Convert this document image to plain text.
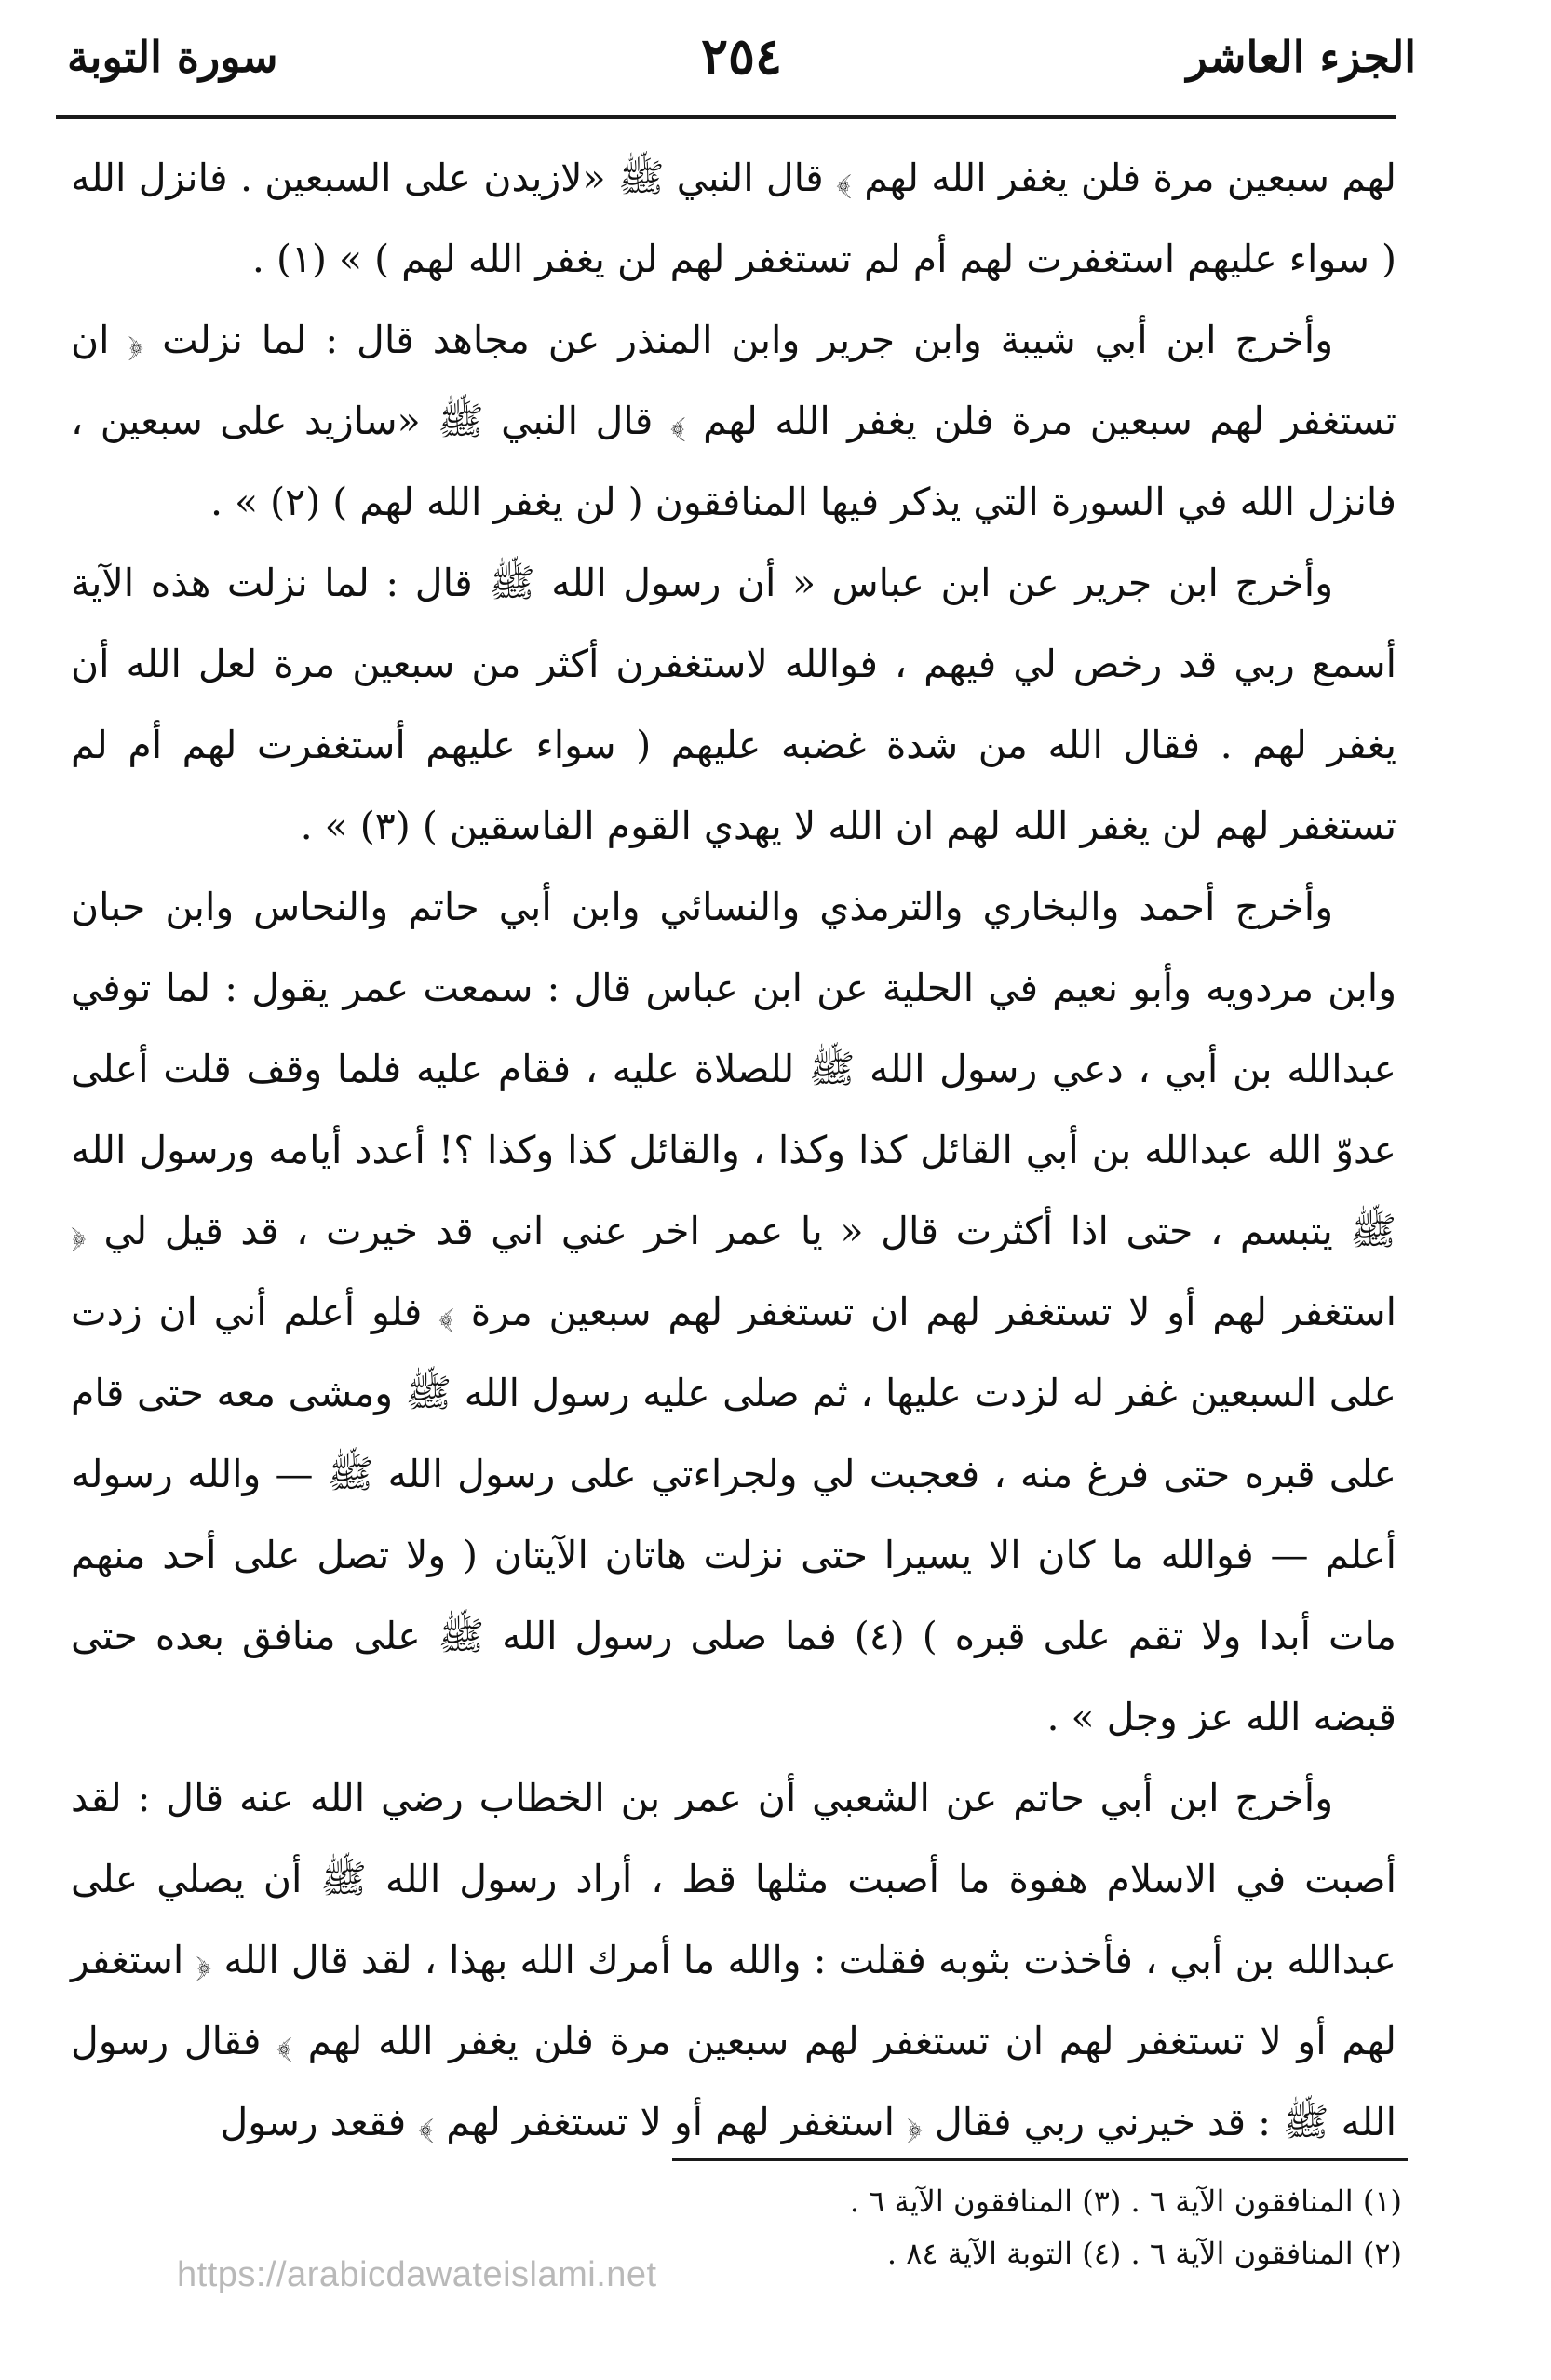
الجزء العاشر
٢٥٤
سورة التوبة

لهم سبعين مرة فلن يغفر الله لهم ﴾ قال النبي ﷺ «لازيدن على السبعين . فانزل الله ( سواء عليهم استغفرت لهم أم لم تستغفر لهم لن يغفر الله لهم ) » (١) .

وأخرج ابن أبي شيبة وابن جرير وابن المنذر عن مجاهد قال : لما نزلت ﴿ ان تستغفر لهم سبعين مرة فلن يغفر الله لهم ﴾ قال النبي ﷺ «سازيد على سبعين ، فانزل الله في السورة التي يذكر فيها المنافقون ( لن يغفر الله لهم ) (٢) » .

وأخرج ابن جرير عن ابن عباس « أن رسول الله ﷺ قال : لما نزلت هذه الآية أسمع ربي قد رخص لي فيهم ، فوالله لاستغفرن أكثر من سبعين مرة لعل الله أن يغفر لهم . فقال الله من شدة غضبه عليهم ( سواء عليهم أستغفرت لهم أم لم تستغفر لهم لن يغفر الله لهم ان الله لا يهدي القوم الفاسقين ) (٣) » .

وأخرج أحمد والبخاري والترمذي والنسائي وابن أبي حاتم والنحاس وابن حبان وابن مردويه وأبو نعيم في الحلية عن ابن عباس قال : سمعت عمر يقول : لما توفي عبدالله بن أبي ، دعي رسول الله ﷺ للصلاة عليه ، فقام عليه فلما وقف قلت أعلى عدوّ الله عبدالله بن أبي القائل كذا وكذا ، والقائل كذا وكذا ؟! أعدد أيامه ورسول الله ﷺ يتبسم ، حتى اذا أكثرت قال « يا عمر اخر عني اني قد خيرت ، قد قيل لي ﴿ استغفر لهم أو لا تستغفر لهم ان تستغفر لهم سبعين مرة ﴾ فلو أعلم أني ان زدت على السبعين غفر له لزدت عليها ، ثم صلى عليه رسول الله ﷺ ومشى معه حتى قام على قبره حتى فرغ منه ، فعجبت لي ولجراءتي على رسول الله ﷺ — والله رسوله أعلم — فوالله ما كان الا يسيرا حتى نزلت هاتان الآيتان ( ولا تصل على أحد منهم مات أبدا ولا تقم على قبره ) (٤) فما صلى رسول الله ﷺ على منافق بعده حتى قبضه الله عز وجل » .

وأخرج ابن أبي حاتم عن الشعبي أن عمر بن الخطاب رضي الله عنه قال : لقد أصبت في الاسلام هفوة ما أصبت مثلها قط ، أراد رسول الله ﷺ أن يصلي على عبدالله بن أبي ، فأخذت بثوبه فقلت : والله ما أمرك الله بهذا ، لقد قال الله ﴿ استغفر لهم أو لا تستغفر لهم ان تستغفر لهم سبعين مرة فلن يغفر الله لهم ﴾ فقال رسول الله ﷺ : قد خيرني ربي فقال ﴿ استغفر لهم أو لا تستغفر لهم ﴾ فقعد رسول

(١) المنافقون الآية ٦ . (٣) المنافقون الآية ٦ .
(٢) المنافقون الآية ٦ . (٤) التوبة الآية ٨٤ .
https://arabicdawateislami.net
